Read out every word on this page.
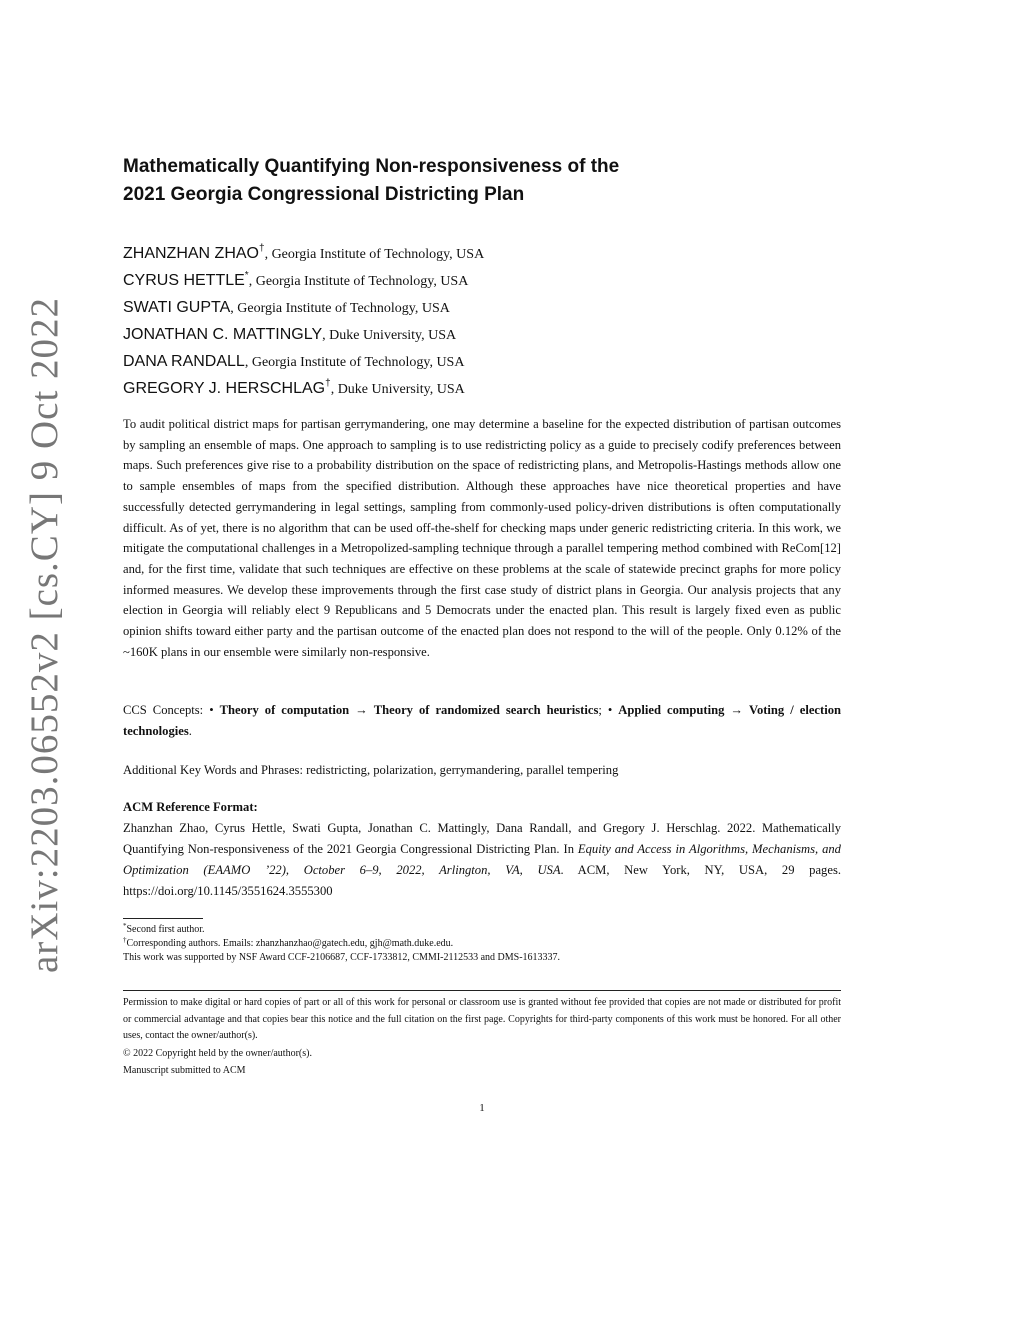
arXiv:2203.06552v2 [cs.CY] 9 Oct 2022
Mathematically Quantifying Non-responsiveness of the
2021 Georgia Congressional Districting Plan
ZHANZHAN ZHAO†, Georgia Institute of Technology, USA
CYRUS HETTLE*, Georgia Institute of Technology, USA
SWATI GUPTA, Georgia Institute of Technology, USA
JONATHAN C. MATTINGLY, Duke University, USA
DANA RANDALL, Georgia Institute of Technology, USA
GREGORY J. HERSCHLAG†, Duke University, USA

To audit political district maps for partisan gerrymandering, one may determine a baseline for the expected distribution of partisan outcomes by sampling an ensemble of maps. One approach to sampling is to use redistricting policy as a guide to precisely codify preferences between maps. Such preferences give rise to a probability distribution on the space of redistricting plans, and Metropolis-Hastings methods allow one to sample ensembles of maps from the specified distribution. Although these approaches have nice theoretical properties and have successfully detected gerrymandering in legal settings, sampling from commonly-used policy-driven distributions is often computationally difficult. As of yet, there is no algorithm that can be used off-the-shelf for checking maps under generic redistricting criteria. In this work, we mitigate the computational challenges in a Metropolized-sampling technique through a parallel tempering method combined with ReCom[12] and, for the first time, validate that such techniques are effective on these problems at the scale of statewide precinct graphs for more policy informed measures. We develop these improvements through the first case study of district plans in Georgia. Our analysis projects that any election in Georgia will reliably elect 9 Republicans and 5 Democrats under the enacted plan. This result is largely fixed even as public opinion shifts toward either party and the partisan outcome of the enacted plan does not respond to the will of the people. Only 0.12% of the ~160K plans in our ensemble were similarly non-responsive.

CCS Concepts: • Theory of computation → Theory of randomized search heuristics; • Applied computing → Voting / election technologies.
Additional Key Words and Phrases: redistricting, polarization, gerrymandering, parallel tempering
ACM Reference Format:
Zhanzhan Zhao, Cyrus Hettle, Swati Gupta, Jonathan C. Mattingly, Dana Randall, and Gregory J. Herschlag. 2022. Mathematically Quantifying Non-responsiveness of the 2021 Georgia Congressional Districting Plan. In Equity and Access in Algorithms, Mechanisms, and Optimization (EAAMO ’22), October 6–9, 2022, Arlington, VA, USA. ACM, New York, NY, USA, 29 pages. https://doi.org/10.1145/3551624.3555300
*Second first author.
†Corresponding authors. Emails: zhanzhanzhao@gatech.edu, gjh@math.duke.edu.
This work was supported by NSF Award CCF-2106687, CCF-1733812, CMMI-2112533 and DMS-1613337.
Permission to make digital or hard copies of part or all of this work for personal or classroom use is granted without fee provided that copies are not made or distributed for profit or commercial advantage and that copies bear this notice and the full citation on the first page. Copyrights for third-party components of this work must be honored. For all other uses, contact the owner/author(s).
© 2022 Copyright held by the owner/author(s).
Manuscript submitted to ACM
1
